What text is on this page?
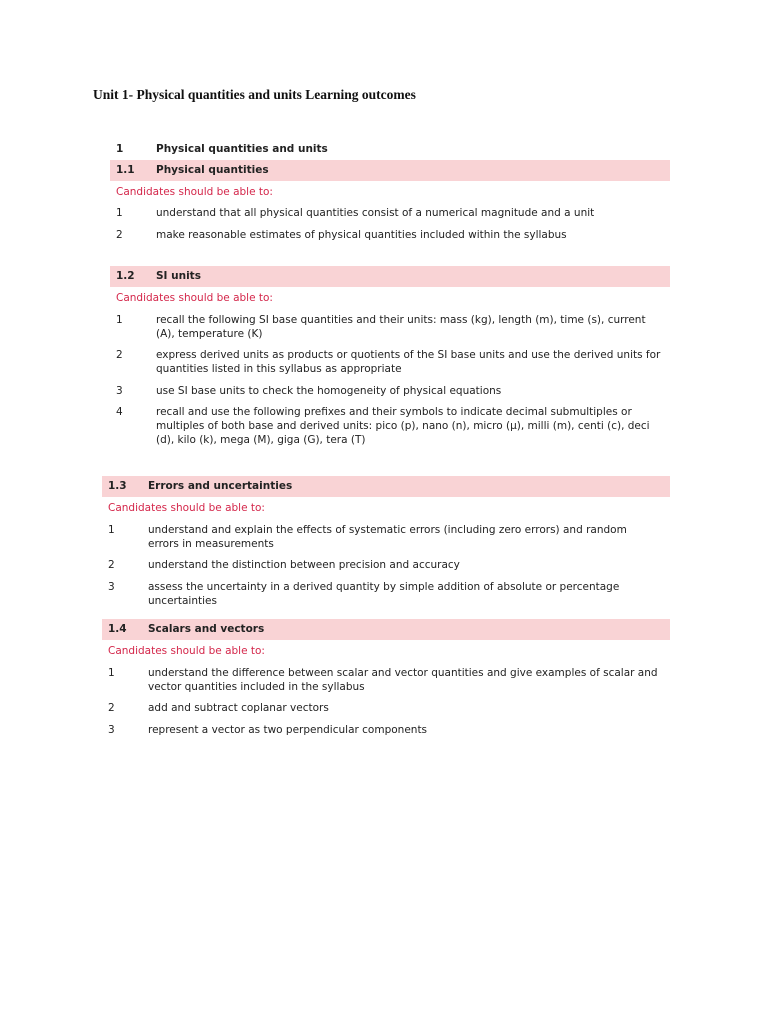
Unit 1- Physical quantities and units Learning outcomes
1	Physical quantities and units
1.1 Physical quantities
Candidates should be able to:
1	understand that all physical quantities consist of a numerical magnitude and a unit
2	make reasonable estimates of physical quantities included within the syllabus
1.2 SI units
Candidates should be able to:
1	recall the following SI base quantities and their units: mass (kg), length (m), time (s), current (A), temperature (K)
2	express derived units as products or quotients of the SI base units and use the derived units for quantities listed in this syllabus as appropriate
3	use SI base units to check the homogeneity of physical equations
4	recall and use the following prefixes and their symbols to indicate decimal submultiples or multiples of both base and derived units: pico (p), nano (n), micro (μ), milli (m), centi (c), deci (d), kilo (k), mega (M), giga (G), tera (T)
1.3 Errors and uncertainties
Candidates should be able to:
1	understand and explain the effects of systematic errors (including zero errors) and random errors in measurements
2	understand the distinction between precision and accuracy
3	assess the uncertainty in a derived quantity by simple addition of absolute or percentage uncertainties
1.4 Scalars and vectors
Candidates should be able to:
1	understand the difference between scalar and vector quantities and give examples of scalar and vector quantities included in the syllabus
2	add and subtract coplanar vectors
3	represent a vector as two perpendicular components
